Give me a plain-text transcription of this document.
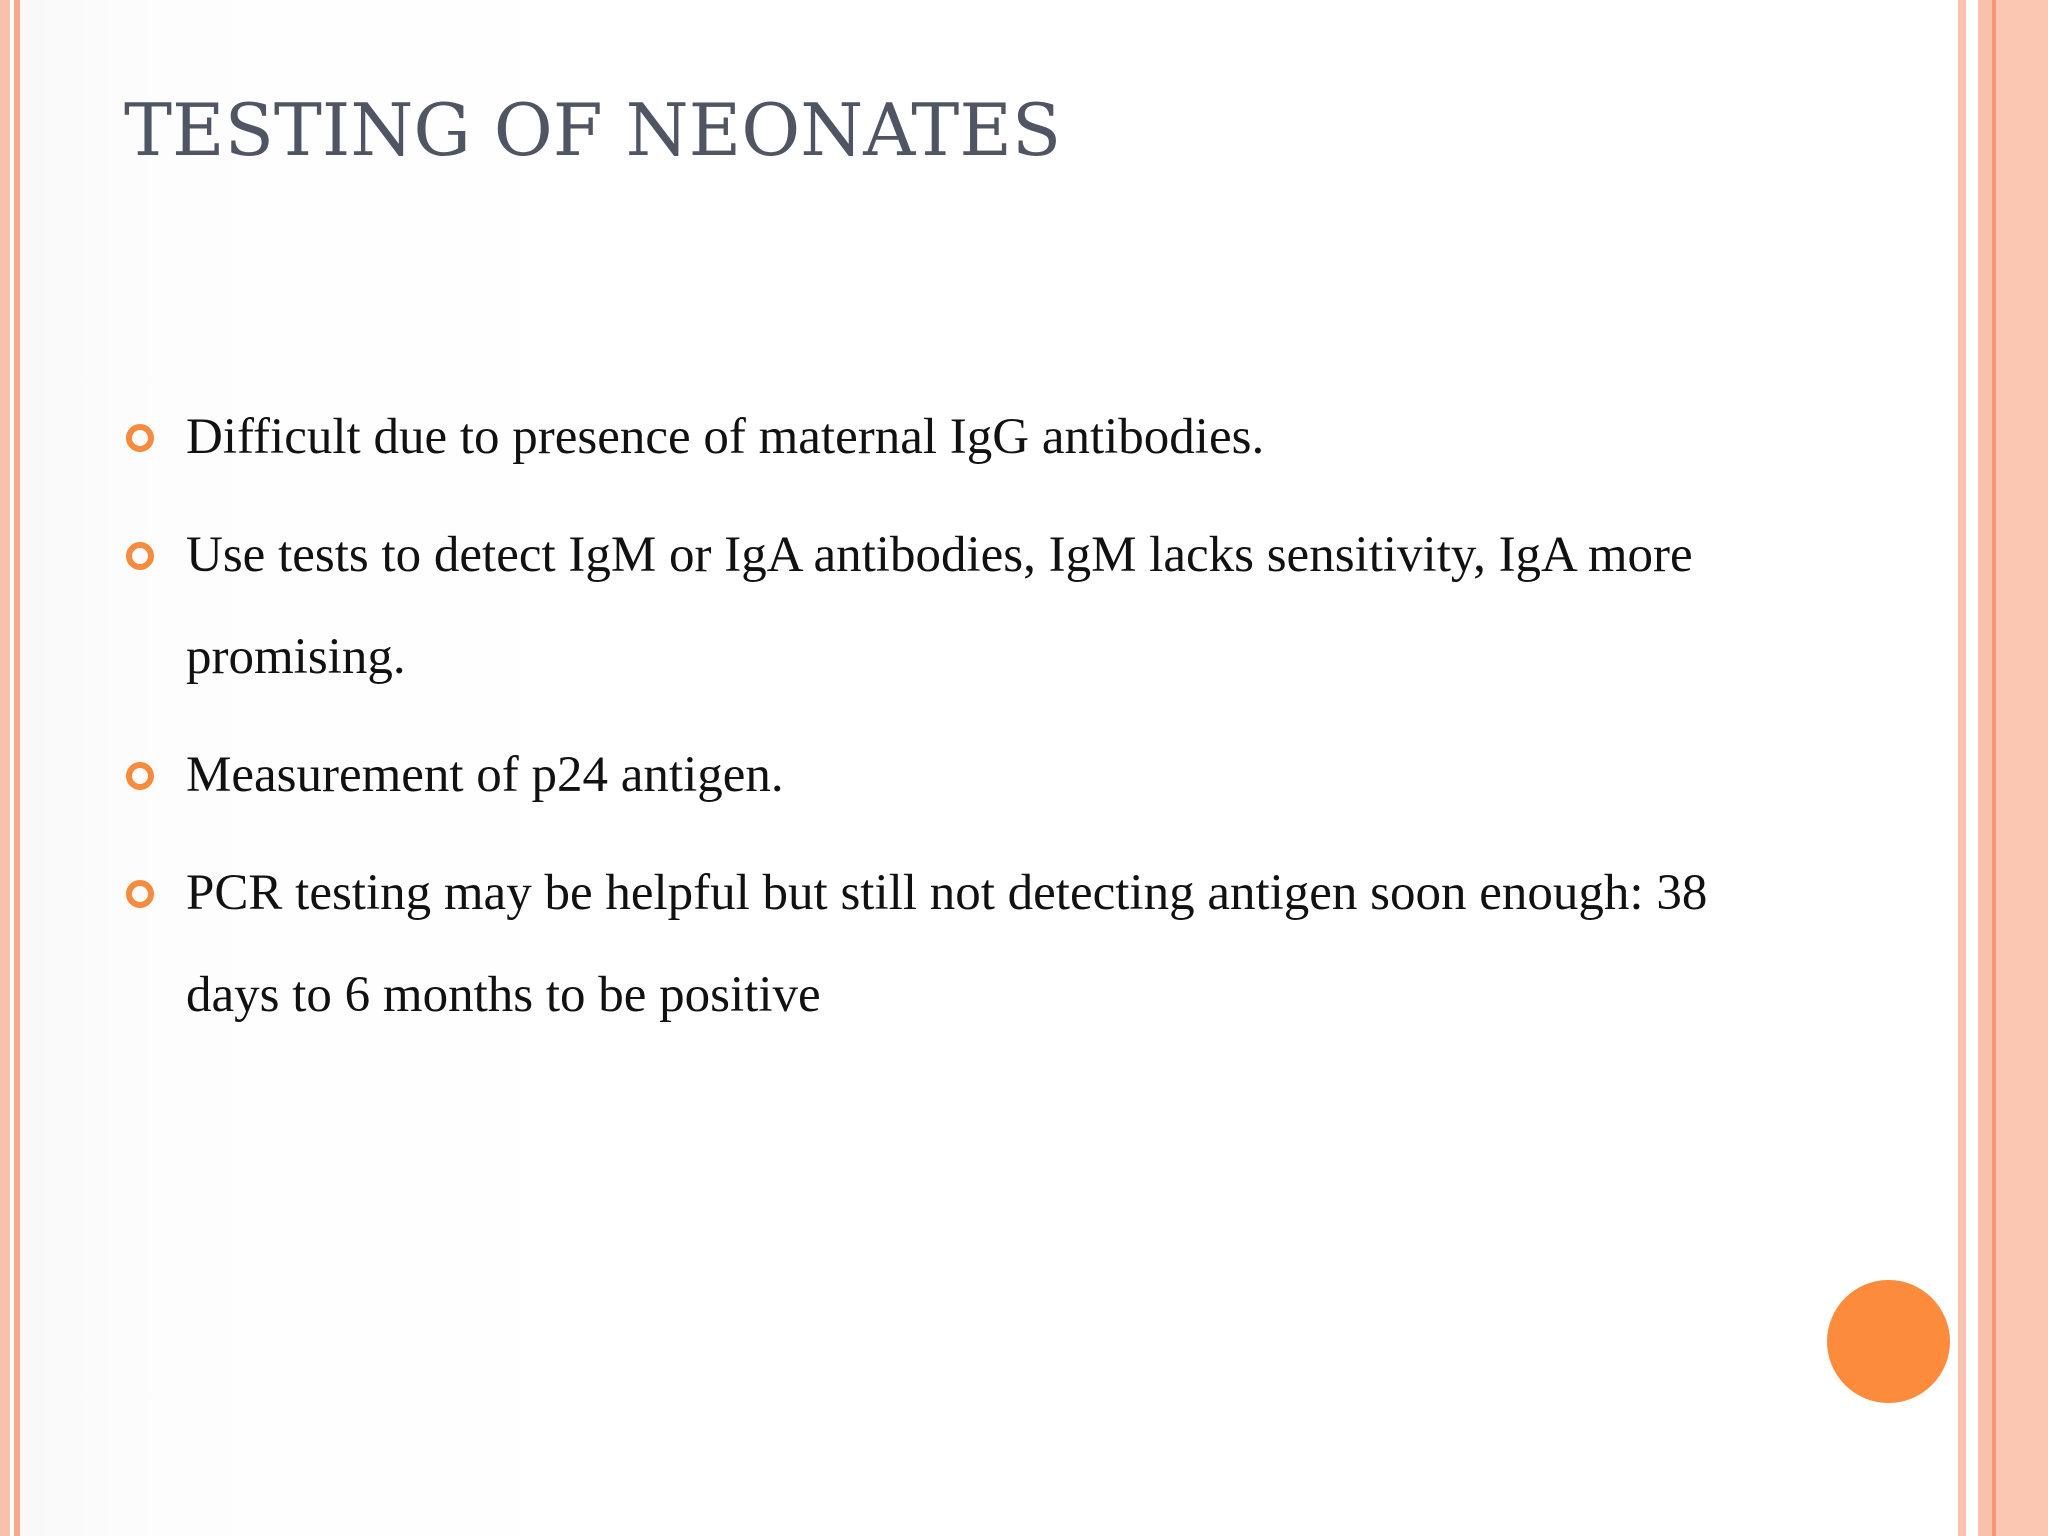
TESTING OF NEONATES
Difficult due to presence of maternal IgG antibodies.
Use tests to detect IgM or IgA antibodies, IgM lacks sensitivity, IgA more promising.
Measurement of p24 antigen.
PCR testing may be helpful but still not detecting antigen soon enough: 38 days to 6 months to be positive
